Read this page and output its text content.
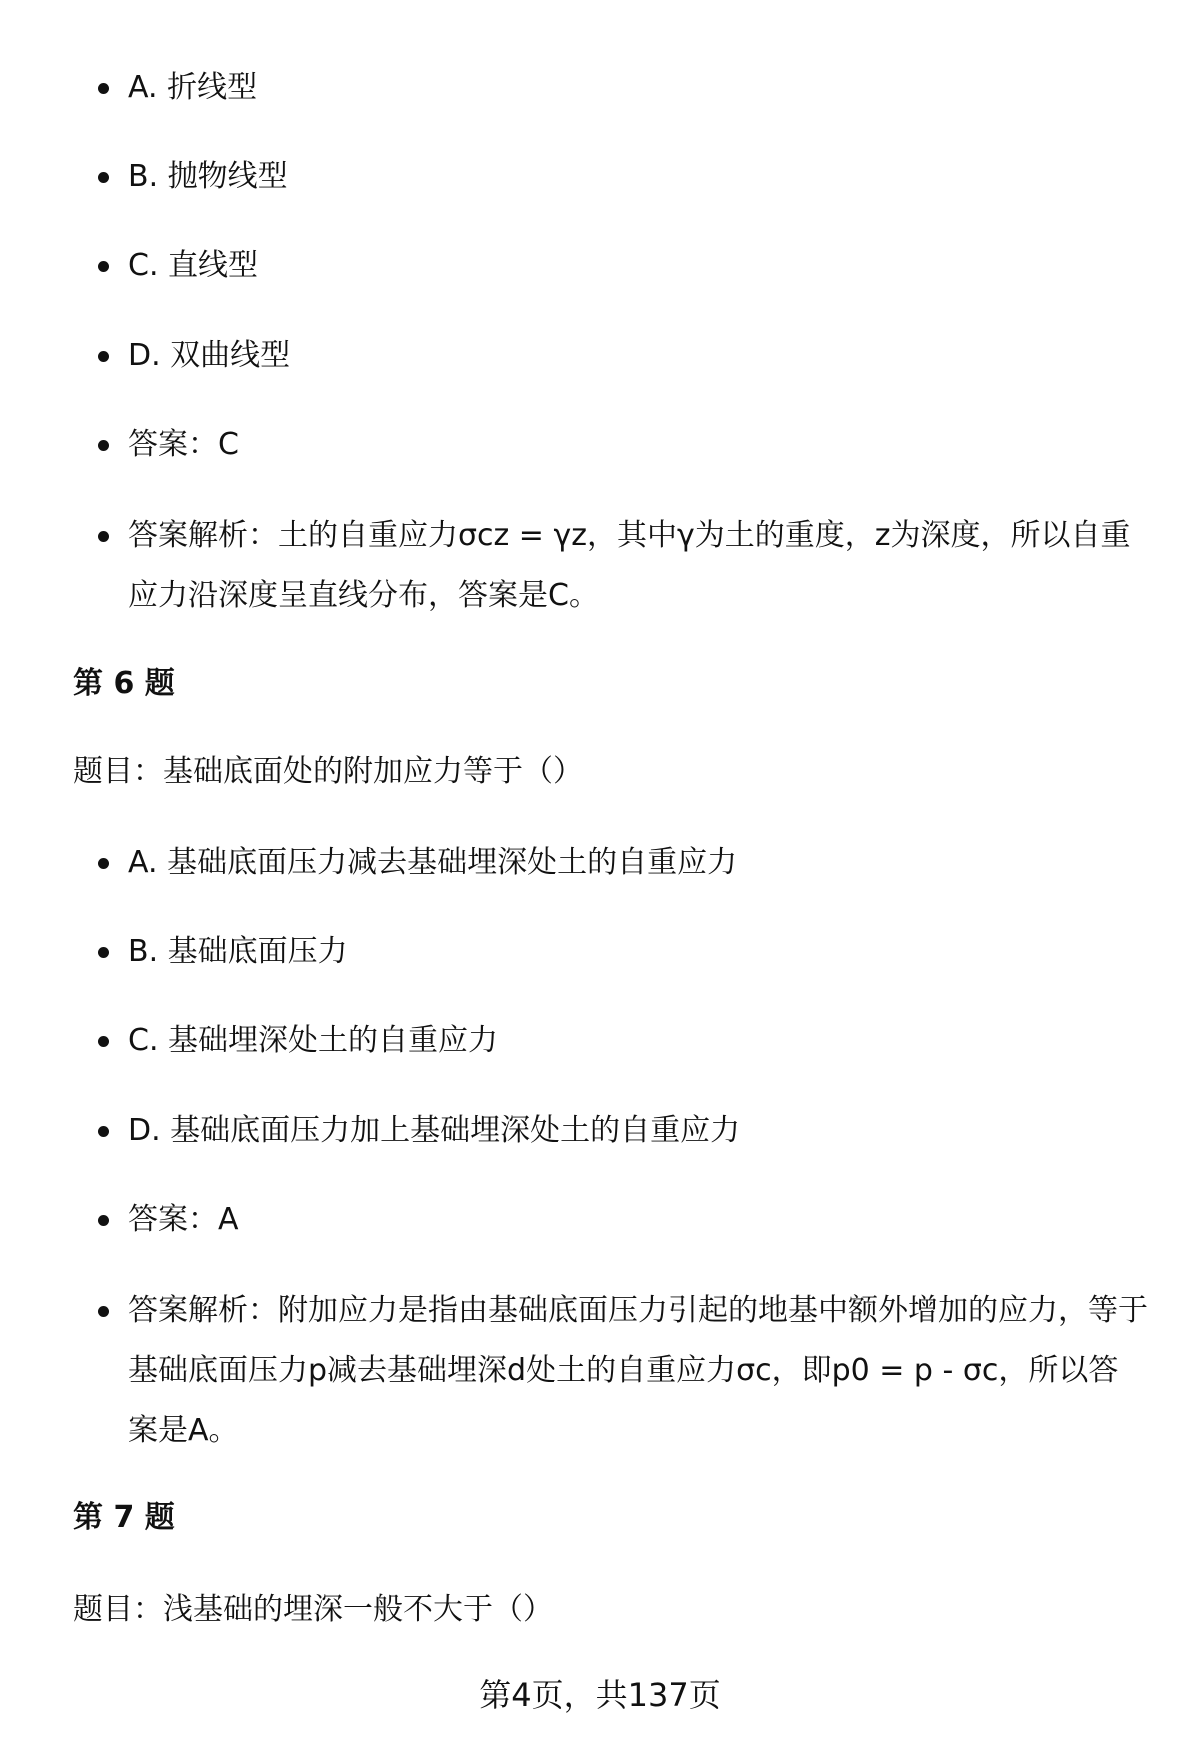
A. 折线型
B. 抛物线型
C. 直线型
D. 双曲线型
答案：C
答案解析：土的自重应力σcz = γz，其中γ为土的重度，z为深度，所以自重应力沿深度呈直线分布，答案是C。
第 6 题
题目：基础底面处的附加应力等于（）
A. 基础底面压力减去基础埋深处土的自重应力
B. 基础底面压力
C. 基础埋深处土的自重应力
D. 基础底面压力加上基础埋深处土的自重应力
答案：A
答案解析：附加应力是指由基础底面压力引起的地基中额外增加的应力，等于基础底面压力p减去基础埋深d处土的自重应力σc，即p0 = p - σc，所以答案是A。
第 7 题
题目：浅基础的埋深一般不大于（）
第4页，共137页
